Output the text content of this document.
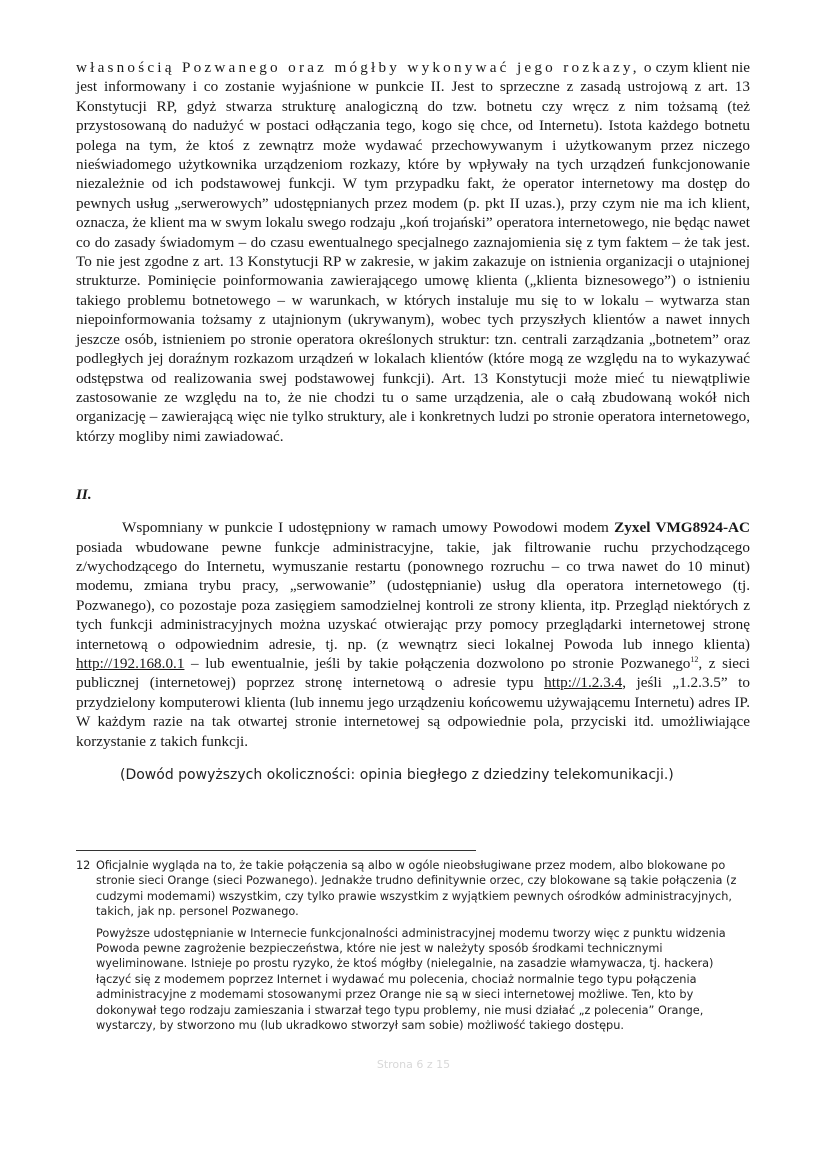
własnością Pozwanego oraz mógłby wykonywać jego rozkazy, o czym klient nie jest informowany i co zostanie wyjaśnione w punkcie II. Jest to sprzeczne z zasadą ustrojową z art. 13 Konstytucji RP, gdyż stwarza strukturę analogiczną do tzw. botnetu czy wręcz z nim tożsamą (też przystosowaną do nadużyć w postaci odłączania tego, kogo się chce, od Internetu). Istota każdego botnetu polega na tym, że ktoś z zewnątrz może wydawać przechowywanym i użytkowanym przez niczego nieświadomego użytkownika urządzeniom rozkazy, które by wpływały na tych urządzeń funkcjonowanie niezależnie od ich podstawowej funkcji. W tym przypadku fakt, że operator internetowy ma dostęp do pewnych usług „serwerowych” udostępnianych przez modem (p. pkt II uzas.), przy czym nie ma ich klient, oznacza, że klient ma w swym lokalu swego rodzaju „koń trojański” operatora internetowego, nie będąc nawet co do zasady świadomym – do czasu ewentualnego specjalnego zaznajomienia się z tym faktem – że tak jest. To nie jest zgodne z art. 13 Konstytucji RP w zakresie, w jakim zakazuje on istnienia organizacji o utajnionej strukturze. Pominięcie poinformowania zawierającego umowę klienta („klienta biznesowego”) o istnieniu takiego problemu botnetowego – w warunkach, w których instaluje mu się to w lokalu – wytwarza stan niepoinformowania tożsamy z utajnionym (ukrywanym), wobec tych przyszłych klientów a nawet innych jeszcze osób, istnieniem po stronie operatora określonych struktur: tzn. centrali zarządzania „botnetem” oraz podległych jej doraźnym rozkazom urządzeń w lokalach klientów (które mogą ze względu na to wykazywać odstępstwa od realizowania swej podstawowej funkcji). Art. 13 Konstytucji może mieć tu niewątpliwie zastosowanie ze względu na to, że nie chodzi tu o same urządzenia, ale o całą zbudowaną wokół nich organizację – zawierającą więc nie tylko struktury, ale i konkretnych ludzi po stronie operatora internetowego, którzy mogliby nimi zawiadować.

II.

Wspomniany w punkcie I udostępniony w ramach umowy Powodowi modem Zyxel VMG8924-AC posiada wbudowane pewne funkcje administracyjne, takie, jak filtrowanie ruchu przychodzącego z/wychodzącego do Internetu, wymuszanie restartu (ponownego rozruchu – co trwa nawet do 10 minut) modemu, zmiana trybu pracy, „serwowanie” (udostępnianie) usług dla operatora internetowego (tj. Pozwanego), co pozostaje poza zasięgiem samodzielnej kontroli ze strony klienta, itp. Przegląd niektórych z tych funkcji administracyjnych można uzyskać otwierając przy pomocy przeglądarki internetowej stronę internetową o odpowiednim adresie, tj. np. (z wewnątrz sieci lokalnej Powoda lub innego klienta) http://192.168.0.1 – lub ewentualnie, jeśli by takie połączenia dozwolono po stronie Pozwanego$^{12}$, z sieci publicznej (internetowej) poprzez stronę internetową o adresie typu http://1.2.3.4, jeśli „1.2.3.5” to przydzielony komputerowi klienta (lub innemu jego urządzeniu końcowemu używającemu Internetu) adres IP. W każdym razie na tak otwartej stronie internetowej są odpowiednie pola, przyciski itd. umożliwiające korzystanie z takich funkcji.

(Dowód powyższych okoliczności: opinia biegłego z dziedziny telekomunikacji.)

12 Oficjalnie wygląda na to, że takie połączenia są albo w ogóle nieobsługiwane przez modem, albo blokowane po stronie sieci Orange (sieci Pozwanego). Jednakże trudno definitywnie orzec, czy blokowane są takie połączenia (z cudzymi modemami) wszystkim, czy tylko prawie wszystkim z wyjątkiem pewnych ośrodków administracyjnych, takich, jak np. personel Pozwanego.

Powyższe udostępnianie w Internecie funkcjonalności administracyjnej modemu tworzy więc z punktu widzenia Powoda pewne zagrożenie bezpieczeństwa, które nie jest w należyty sposób środkami technicznymi wyeliminowane. Istnieje po prostu ryzyko, że ktoś mógłby (nielegalnie, na zasadzie włamywacza, tj. hackera) łączyć się z modemem poprzez Internet i wydawać mu polecenia, chociaż normalnie tego typu połączenia administracyjne z modemami stosowanymi przez Orange nie są w sieci internetowej możliwe. Ten, kto by dokonywał tego rodzaju zamieszania i stwarzał tego typu problemy, nie musi działać „z polecenia” Orange, wystarczy, by stworzono mu (lub ukradkowo stworzył sam sobie) możliwość takiego dostępu.

Strona 6 z 15
